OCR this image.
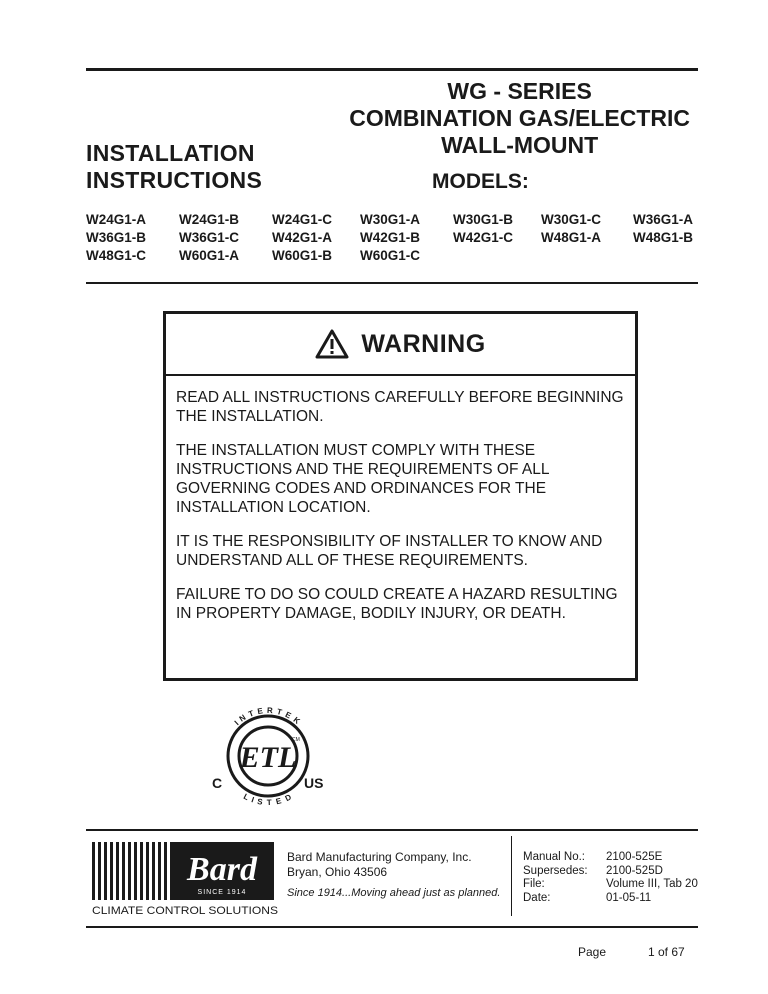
WG - SERIES
COMBINATION GAS/ELECTRIC
WALL-MOUNT
INSTALLATION
INSTRUCTIONS	MODELS:
W24G1-A W24G1-B W24G1-C W30G1-A W30G1-B W30G1-C W36G1-A
W36G1-B W36G1-C W42G1-A W42G1-B W42G1-C W48G1-A W48G1-B
W48G1-C W60G1-A W60G1-B W60G1-C
WARNING

READ ALL INSTRUCTIONS CAREFULLY BEFORE BEGINNING THE INSTALLATION.

THE INSTALLATION MUST COMPLY WITH THESE INSTRUCTIONS AND THE REQUIREMENTS OF ALL GOVERNING CODES AND ORDINANCES FOR THE INSTALLATION LOCATION.

IT IS THE RESPONSIBILITY OF INSTALLER TO KNOW AND UNDERSTAND ALL OF THESE REQUIREMENTS.

FAILURE TO DO SO COULD CREATE A HAZARD RESULTING IN PROPERTY DAMAGE, BODILY INJURY, OR DEATH.

ETL
INTERTEK
LISTED
CM
C	US
Bard
SINCE 1914
CLIMATE CONTROL SOLUTIONS
Bard Manufacturing Company, Inc.
Bryan, Ohio 43506
Since 1914...Moving ahead just as planned.
Manual No.:	2100-525E
Supersedes:	2100-525D
File:	Volume III, Tab 20
Date:	01-05-11
Page	1 of 67
